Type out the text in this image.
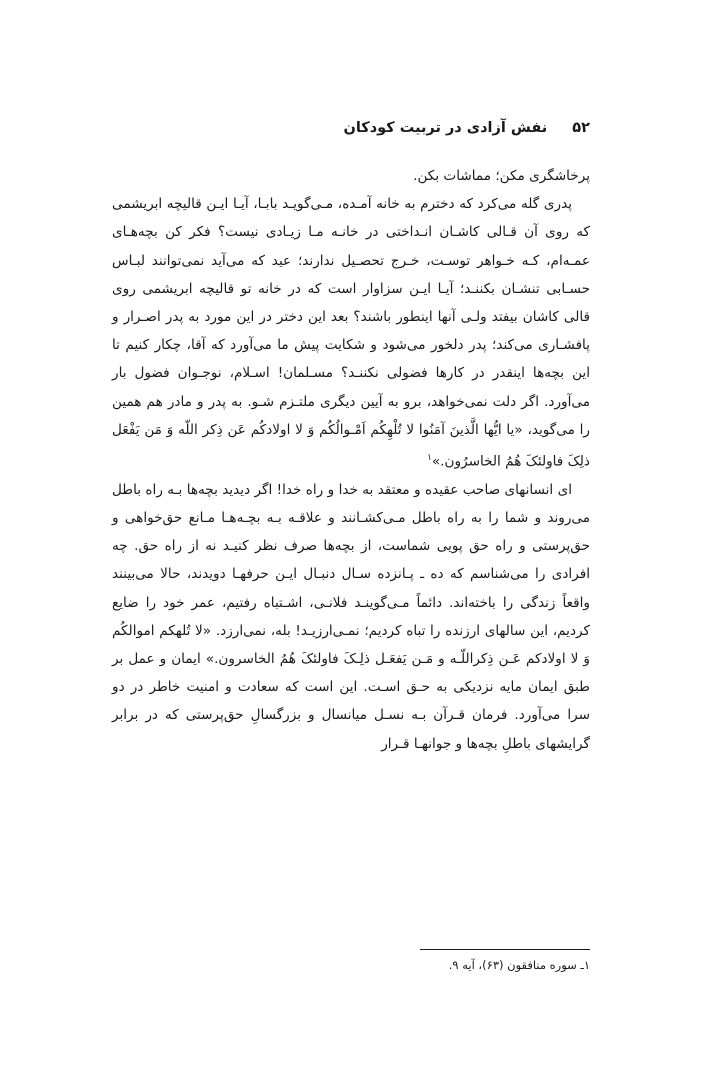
۵۲ نفش آزادی در تربیت کودکان

پرخاشگری مکن؛ مماشات بکن.

پدری گله می‌کرد که دخترم به خانه آمـده، مـی‌گویـد بابـا، آیـا ایـن قالیچه ابریشمی که روی آن قـالی کاشـان انـداختی در خانـه مـا زیـادی نیست؟ فکر کن بچه‌هـای عمـه‌ام، کـه خـواهر توسـت، خـرج تحصـیل ندارند؛ عید که می‌آید نمی‌توانند لبـاس حسـابی تنشـان بکننـد؛ آیـا ایـن سزاوار است که در خانه تو قالیچه ابریشمی روی قالی کاشان بیفتد ولـی آنها اینطور باشند؟ بعد این دختر در این مورد به پدر اصـرار و پافشـاری می‌کند؛ پدر دلخور می‌شود و شکایت پیش ما می‌آورد که آقا، چکار کنیم تا این بچه‌ها اینقدر در کارها فضولی نکننـد؟ مسـلمان! اسـلام، نوجـوان فضول بار می‌آورد. اگر دلت نمی‌خواهد، برو به آیین دیگری ملتـزم شـو. به پدر و مادر هم همین را می‌گوید، «یا ایُّها الَّذینَ آمَنُوا لا تُلْهِکُم اَمْـوالُکُم وَ لا اولادکُم عَن ذِکر اللّه وَ مَن یَفْعَل ذلِکَ فاولئکَ هُمُ الخاسرُون.»$^۱$

ای انسانهای صاحب عقیده و معتقد به خدا و راه خدا! اگر دیدید بچه‌ها بـه راه باطل می‌روند و شما را به راه باطل مـی‌کشـانند و علاقـه بـه بچـه‌هـا مـانع حق‌خواهی و حق‌پرستی و راه حق پویی شماست، از بچه‌ها صرف نظر کنیـد نه از راه حق. چه افرادی را می‌شناسم که ده ـ پـانزده سـال دنبـال ایـن حرفهـا دویدند، حالا می‌بینند واقعاً زندگی را باخته‌اند. دائماً مـی‌گوینـد فلانـی، اشـتباه رفتیم، عمر خود را ضایع کردیم، این سالهای ارزنده را تباه کردیم؛ نمـی‌ارزیـد! بله، نمی‌ارزد. «لا تُلهکم اموالکُم وَ لا اولادکم عَـن ذِکراللّـه و مَـن یَفعَـل ذلِـکَ فاولئکَ هُمُ الخاسرون.» ایمان و عمل بر طبق ایمان مایه نزدیکی به حـق اسـت. این است که سعادت و امنیت خاطر در دو سرا می‌آورد. فرمان قـرآن بـه نسـل میانسال و بزرگسالِ حق‌پرستی که در برابر گرایشهای باطلِ بچه‌ها و جوانهـا قـرار

۱ـ سوره منافقون (۶۳)، آیه ۹.
